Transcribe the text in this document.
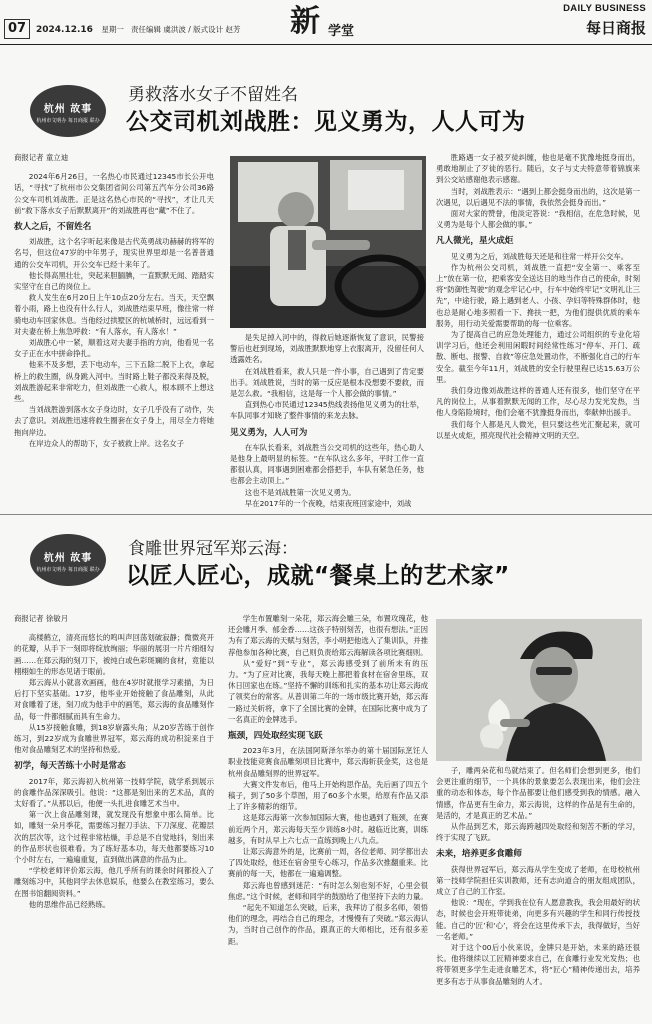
07	2024.12.16 星期一 责任编辑 虞洪波 / 版式设计 赵芳 新 学堂
DAILY BUSINESS
每日商报
杭州 故事
杭州市文明办 每日商报 联办
勇救落水女子不留姓名
公交司机刘战胜：见义勇为，人人可为

商报记者 童立迪

2024年6月26日，一名热心市民通过12345市长公开电话，“寻找”了杭州市公交集团省间公司第五汽车分公司36路公交车司机刘战胜。正是这名热心市民的“寻找”，才让几天前“救下落水女子后默默离开”的刘战胜再也“藏”不住了。

救人之后，不留姓名

刘战胜，这个名字听起来像是古代英勇战功赫赫的将军的名号，但这位47岁的中年男子，现实世界里却是一名普普通通的公交车司机，开公交车已经十来年了。

他长得高黑壮壮，突起来胆腼腆，一直默默无闻、踏踏实实坚守在自己的岗位上。

救人发生在6月20日上午10点20分左右。当天，天空飘着小雨，路上也没有什么行人，刘战胜结束早班，像往常一样骑电动车回家休息。当他经过拱墅区的杭城桥时，远远看到一对夫妻在桥上焦急呼救：“有人落水，有人落水！”

刘战胜心中一紧，顺着这对夫妻手指的方向，他看见一名女子正在水中拼命挣扎。

他来不及多想，丢下电动车，三下五除二脱下上衣，拿起桥上的救生圈，纵身跳入河中。当时路上鞋子都没来得及脱，刘战胜游起来非常吃力，但刘战胜一心救人，根本顾不上想这些。

当刘战胜游到落水女子身边时，女子几乎没有了动作，失去了意识。刘战胜迅速将救生圈套在女子身上，用尽全力将她拖向岸边。

在岸边众人的帮助下，女子被救上岸。这名女子

是失足掉入河中的，得救后她逐渐恢复了意识，民警接警后也赶到现场，刘战胜默默地穿上衣服离开，没留任何人透露姓名。

在刘战胜看来，救人只是一件小事，自己遇到了肯定要出手。刘战胜说，当时的第一反应是根本没想要不要救，而是怎么救。“我相信，这是每一个人都会做的事情。”

直到热心市民通过12345热线表扬他见义勇为的壮举，车队同事才知晓了整件事情的来龙去脉。

见义勇为，人人可为

在车队长看来，刘战胜当公交司机的这些年，热心助人是他身上最明显的标签。“在车队这么多年，平时工作一直都很认真，同事遇到困难都会搭把手，车队有紧急任务，他也都会主动顶上。”

这也不是刘战胜第一次见义勇为。

早在2017年的一个夜晚，结束夜班回家途中，刘战

胜路遇一女子被歹徒纠缠，他也是毫不犹豫地挺身而出，勇敢地制止了歹徒的恶行。随后，女子与丈夫特意带着锦旗来到公交站感谢他表示感谢。

当时，刘战胜表示：“遇到上都会挺身而出的，这次是第一次遇见，以后遇见不法的事情，我依然会挺身而出。”

面对大家的赞誉，他淡定答说：“我相信，在危急时候，见义勇为是每个人都会做的事。”

凡人微光，星火成炬

见义勇为之后，刘战胜每天还是和往常一样开公交车。

作为杭州公交司机，刘战胜一直把“安全第一、乘客至上”放在第一位，把乘客安全送达目的地当作自己的使命，时刻将“防御性驾驶”的观念牢记心中，行车中始终牢记“文明礼让三先”，中途行驶，路上遇到老人、小孩、孕妇等特殊群体时，他也总是耐心地多照看一下、搀扶一把，为他们提供优质的乘车服务，用行动关爱需要帮助的每一位乘客。

为了提高自己的应急处理能力，通过公司组织的专业化培训学习后，他还会利用闲暇时间经常性练习“停车、开门、疏散、断电、报警、自救”等应急处置动作，不断强化自己的行车安全。截至今年11月，刘战胜的安全行驶里程已达15.63万公里。

我们身边像刘战胜这样的普通人还有很多，他们坚守在平凡的岗位上，从事着默默无闻的工作，尽心尽力发光发热，当他人身陷险境时，他们会毫不犹豫挺身而出，奉献伸出援手。

我们每个人都是凡人微光，但只要这些光汇聚起来，就可以星火成炬，照亮现代社会精神文明的天空。

杭州 故事
杭州市文明办 每日商报 联办
食雕世界冠军郑云海：
以匠人匠心，成就“餐桌上的艺术家”

商报记者 徐敏月

高楼鹤立，清亮而悠长的鸣叫声回荡划破寂静；微微亮开的花瓣，从手下一刻即将绽放绚丽；华丽的展羽一片片细细勾画……在郑云海的刻刀下，被纯白或色彩斑斓的食材，竟能以栩栩如生的形态见诸于眼前。

郑云海从小就喜欢画画，他在4岁时就报学习素描，为日后打下坚实基础。17岁，他毕业开始接触了食品雕刻，从此对食雕着了迷，刻刀成为他手中的画笔，郑云海的食品雕刻作品，每一件都细腻而具有生命力。

从15岁接触食雕，到18岁崭露头角；从20岁苦练于创作练习，到22岁成为食雕世界冠军，郑云海的成功积淀来自于他对食品雕刻艺术的坚持和热爱。

初学，每天苦练十小时是常态

2017年，郑云海初入杭州第一技师学院，就学系到展示的食雕作品深深吸引。他说：“这都是刻出来的艺术品，真的太好看了。”从那以后，他便一头扎进食雕艺术当中。

第一次上食品雕刻课，就发现没有想象中那么简单。比如，雕刻一朵月季花，需要练习握刀手法、下刀深度、花瓣层次的层次等，这个过程非常枯燥，手总是不自觉地抖，刻出来的作品形状也很难看。为了练好基本功，每天他都要练习10个小时左右，一遍遍重复，直到做出满意的作品为止。

“学校老师评价郑云海，他几乎所有的课余时间都投入了雕刻练习中，其他同学去休息娱乐，他要么在教室练习，要么在图书馆翻阅资料。”

他的思维作品已经熟练。

学生布置雕刻一朵花，郑云海会雕三朵，布置攻瑰花，他还会雕月季、郁金香……这孩子特别刻苦，也很有想法。”正因为有了郑云海的天赋与刻苦，李小明把他选入了集训队，并推荐他参加各种比赛，自己则负责给郑云海解读各项比赛细则。

从“爱好”到“专业”，郑云海感受到了前所未有的压力。“为了应对比赛，我每天晚上都把着食材在宿舍里练，双休日回家也在练。”坚持不懈的训练和扎实的基本功让郑云海成了领奖台的常客。从普训第二年的一场市级比赛开始，郑云海一路过关斩将，拿下了全国比赛的金牌，在国际比赛中成为了一名真正的金牌选手。

瓶颈，四处取经实现飞跃

2023年3月，在法国阿斯泽尔举办的第十届国际烹饪人职业技能竞赛食品雕刻项目比赛中，郑云海斩获金奖，这也是杭州食品雕刻界的世界冠军。

大赛文件发布后，他马上开始构思作品，先后画了四五个稿子，到了50多个草图，用了60多个水果，给原有作品又添上了许多精彩的细节。

这是郑云海第一次参加国际大赛，他也遇到了瓶颈，在赛前近两个月，郑云海每天至少训练8小时。越临近比赛，训练越多，有时从早上六七点一直练到晚上八九点。

让郑云海意外的是，比赛前一周，各位老师、同学都出去了四处取经，他还在宿舍里专心练习，作品多次推翻重来。比赛前的每一天，他都在一遍遍调整。

郑云海也曾感到迷茫：“有时怎么刻也刻不好，心里会很焦虑。”这个时候，老师和同学的鼓励给了他坚持下去的力量。

“起先不知道怎么突破，后来，我拜访了很多名师，领悟他们的理念，再结合自己的理念，才慢慢有了突破。”郑云海认为，当时自己创作的作品，跟真正的大师相比，还有很多差距。

子，雕两朵花和鸟就结束了。但名师们会想到更多，他们会更注重的细节，一个具体的景象要怎么表现出来，他们会注重的动态和体态，每个作品都要让他们感受到我的情感。融入情感，作品更有生命力，郑云海说，这样的作品是有生命的，是活的，才是真正的艺术品。”

从作品到艺术，郑云海跨越四处取经和刻苦不断的学习，终于实现了飞跃。

未来，培养更多食雕师

获得世界冠军后，郑云海从学生变成了老师，在母校杭州第一技师学院担任实训教师，还有志向道合的朋友组成团队，成立了自己的工作室。

他说：“现在，学到我在位有人愿意教我，我会用最好的状态，时候也会开班带徒弟，向更多有兴趣的学生和同行传授技能。自己的‘匠’和‘心’，将会在这里传承下去，我得做好，当好一名老师。”

对于这个00后小伙来说，金牌只是开始，未来的路还很长。他将继续以工匠精神要求自己，在食雕行业发光发热；也将带领更多学生走进食雕艺术，将“匠心”精神传递出去，培养更多有志于从事食品雕刻的人才。
